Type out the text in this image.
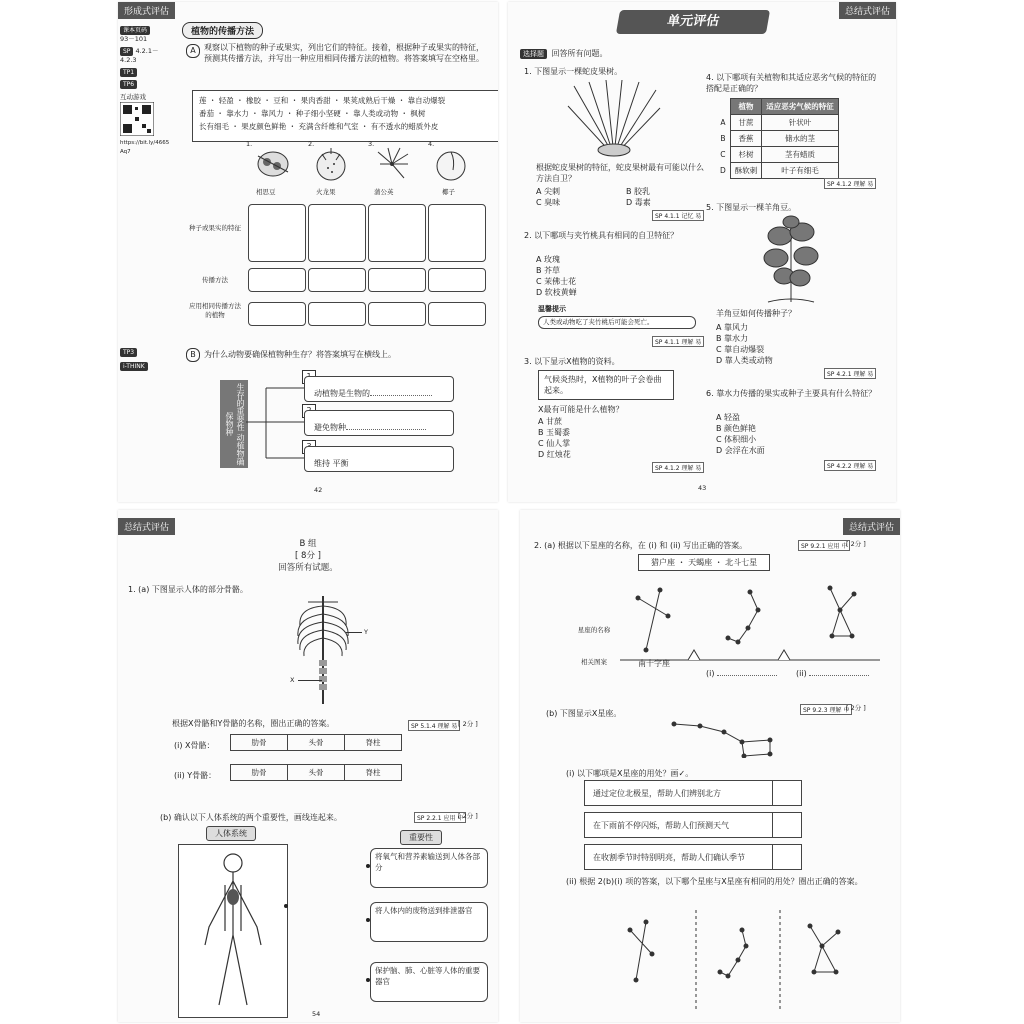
形成式评估
植物的传播方法
课本页码
93－101
SP 4.2.1－4.2.3
TP1
TP6
互动游戏
https://bit.ly/4665Aq7
A	观察以下植物的种子或果实，列出它们的特征。接着，根据种子或果实的特征，预测其传播方法，并写出一种应用相同传播方法的植物。将答案填写在空格里。
莲 ・ 轻盈 ・ 橡胶 ・ 豆和 ・ 果肉香甜 ・ 果荚成熟后干燥 ・ 靠自动爆裂
番茄 ・ 靠水力 ・ 靠风力 ・ 种子细小坚硬 ・ 靠人类或动物 ・ 枫树
长有细毛 ・ 果皮颜色鲜艳 ・ 充满含纤维和气室 ・ 有不透水的蜡质外皮
1.
相思豆
2.
火龙果
3.
蒲公英
4.
椰子
种子或果实的特征
传播方法
应用相同传播方法的植物
TP3
i-THINK
B	为什么动物要确保植物种生存？将答案填写在横线上。
生存的重要性 动植物确保物种
动植物是生物的
避免物种
维持 平衡
42
单元评估
总结式评估
选择题 回答所有问题。
1. 下图显示一棵蛇皮果树。
根据蛇皮果树的特征，蛇皮果树最有可能以什么方法自卫？
A 尖刺	B 胶乳
C 臭味	D 毒素
SP 4.1.1 记忆 易
2. 以下哪项与夹竹桃具有相同的自卫特征？
A 玫瑰
B 芥草
C 茉佛士花
D 软枝黄蝉
温馨提示
人类或动物吃了夹竹桃后可能会死亡。
SP 4.1.1 理解 易
3. 以下显示X植物的资料。
气候炎热时，X植物的叶子会卷曲起来。
X最有可能是什么植物？
A 甘蔗
B 玉蜀黍
C 仙人掌
D 红烛花
SP 4.1.2 理解 易
43
4. 以下哪项有关植物和其适应恶劣气候的特征的搭配是正确的？
	植物	适应恶劣气候的特征
A	甘蔗	针状叶
B	香蕉	储水的茎
C	杉树	茎有蜡质
D	酥软刺	叶子有细毛
SP 4.1.2 理解 易
5. 下图显示一棵羊角豆。
羊角豆如何传播种子？
A 靠风力
B 靠水力
C 靠自动爆裂
D 靠人类或动物
SP 4.2.1 理解 易
6. 靠水力传播的果实或种子主要具有什么特征？
A 轻盈
B 颜色鲜艳
C 体积细小
D 会浮在水面
SP 4.2.2 理解 易
总结式评估
B 组
[ 8分 ]
回答所有试题。
1. (a) 下图显示人体的部分骨骼。
Y
X
根据X骨骼和Y骨骼的名称，圈出正确的答案。	SP 5.1.4 理解 易 [ 2分 ]
(i) X骨骼：	肋骨	头骨	脊柱
(ii) Y骨骼：	肋骨	头骨	脊柱
(b) 确认以下人体系统的两个重要性，画线连起来。	SP 2.2.1 应用 中
[ 2分 ]
人体系统	重要性
将氧气和营养素输送到人体各部分
将人体内的废物送到排泄器官
保护脑、肺、心脏等人体的重要器官
54
总结式评估
2. (a) 根据以下星座的名称，在 (i) 和 (ii) 写出正确的答案。	SP 9.2.1 应用 中
[ 2分 ]
猎户座 ・ 天蝎座 ・ 北斗七星
星座的名称
相关图案	南十字座
(i)	(ii)
(b) 下图显示X星座。	SP 9.2.3 理解 中
[ 2分 ]
(i) 以下哪项是X星座的用处？画✓。
通过定位北极星，帮助人们辨别北方
在下雨前不停闪烁，帮助人们预测天气
在收割季节时特别明亮，帮助人们确认季节
(ii) 根据 2(b)(i) 项的答案，以下哪个星座与X星座有相同的用处？圈出正确的答案。
